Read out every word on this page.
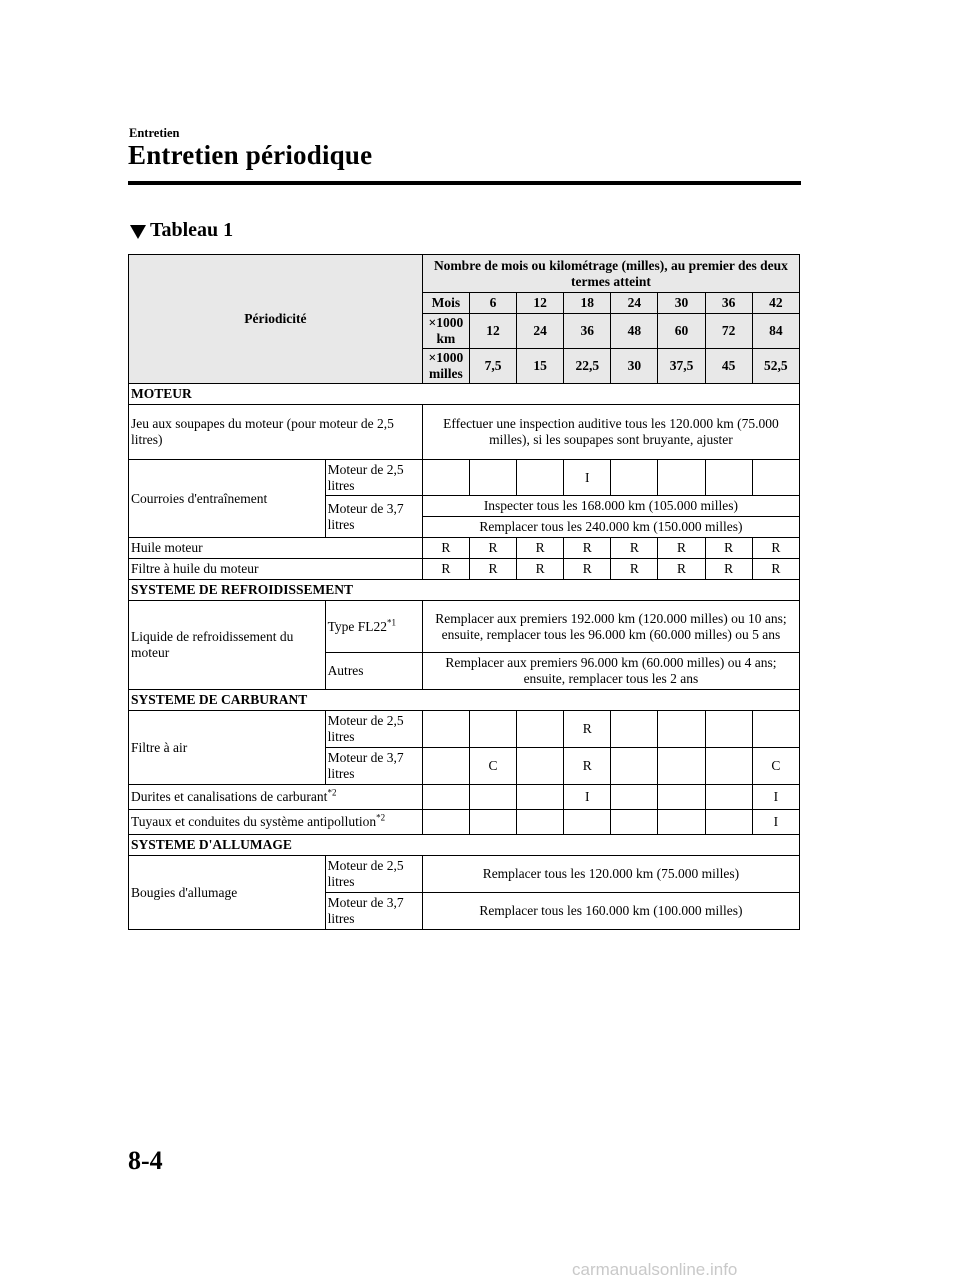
Entretien
Entretien périodique
Tableau 1
Périodicité		Nombre de mois ou kilométrage (milles), au premier des deux termes atteint							
		Mois	6	12	18	24	30	36	42
		×1000 km	12	24	36	48	60	72	84
		×1000 milles	7,5	15	22,5	30	37,5	45	52,5
MOTEUR									
Jeu aux soupapes du moteur (pour moteur de 2,5 litres)		Effectuer une inspection auditive tous les 120.000 km (75.000 milles), si les soupapes sont bruyante, ajuster							
Courroies d'entraînement	Moteur de 2,5 litres				I				
	Moteur de 3,7 litres	Inspecter tous les 168.000 km (105.000 milles)							
		Remplacer tous les 240.000 km (150.000 milles)							
Huile moteur		R	R	R	R	R	R	R	R
Filtre à huile du moteur		R	R	R	R	R	R	R	R
SYSTEME DE REFROIDISSEMENT									
Liquide de refroidissement du moteur	Type FL22$^{*1}$	Remplacer aux premiers 192.000 km (120.000 milles) ou 10 ans; ensuite, remplacer tous les 96.000 km (60.000 milles) ou 5 ans							
	Autres	Remplacer aux premiers 96.000 km (60.000 milles) ou 4 ans; ensuite, remplacer tous les 2 ans							
SYSTEME DE CARBURANT									
Filtre à air	Moteur de 2,5 litres				R				
	Moteur de 3,7 litres		C		R				C
Durites et canalisations de carburant$^{*2}$					I				I
Tuyaux et conduites du système antipollution$^{*2}$									I
SYSTEME D'ALLUMAGE									
Bougies d'allumage	Moteur de 2,5 litres	Remplacer tous les 120.000 km (75.000 milles)							
	Moteur de 3,7 litres	Remplacer tous les 160.000 km (100.000 milles)							
8-4
carmanualsonline.info
